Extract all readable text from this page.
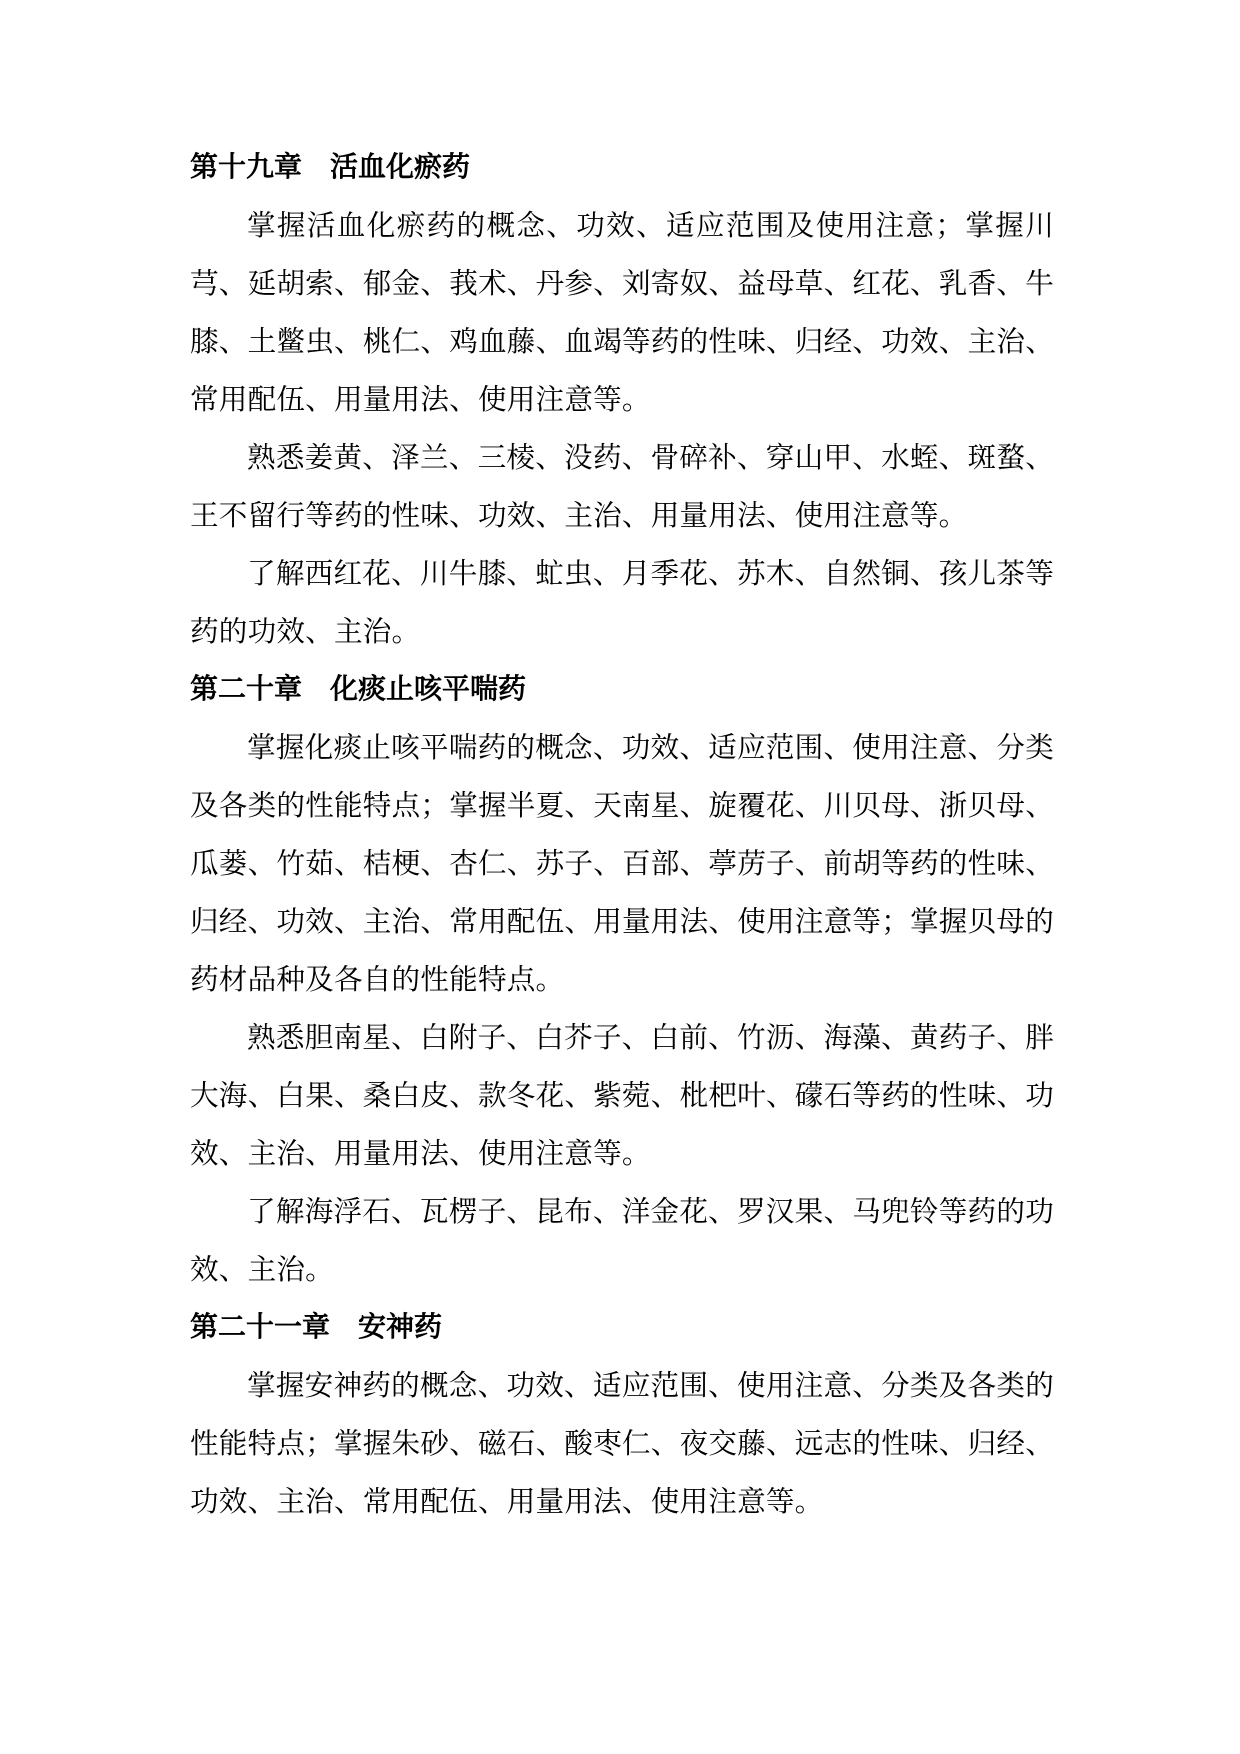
第十九章　活血化瘀药

掌握活血化瘀药的概念、功效、适应范围及使用注意；掌握川芎、延胡索、郁金、莪术、丹参、刘寄奴、益母草、红花、乳香、牛膝、土鳖虫、桃仁、鸡血藤、血竭等药的性味、归经、功效、主治、常用配伍、用量用法、使用注意等。

熟悉姜黄、泽兰、三棱、没药、骨碎补、穿山甲、水蛭、斑蝥、王不留行等药的性味、功效、主治、用量用法、使用注意等。

了解西红花、川牛膝、虻虫、月季花、苏木、自然铜、孩儿茶等药的功效、主治。

第二十章　化痰止咳平喘药

掌握化痰止咳平喘药的概念、功效、适应范围、使用注意、分类及各类的性能特点；掌握半夏、天南星、旋覆花、川贝母、浙贝母、瓜蒌、竹茹、桔梗、杏仁、苏子、百部、葶苈子、前胡等药的性味、归经、功效、主治、常用配伍、用量用法、使用注意等；掌握贝母的药材品种及各自的性能特点。

熟悉胆南星、白附子、白芥子、白前、竹沥、海藻、黄药子、胖大海、白果、桑白皮、款冬花、紫菀、枇杷叶、礞石等药的性味、功效、主治、用量用法、使用注意等。

了解海浮石、瓦楞子、昆布、洋金花、罗汉果、马兜铃等药的功效、主治。

第二十一章　安神药

掌握安神药的概念、功效、适应范围、使用注意、分类及各类的性能特点；掌握朱砂、磁石、酸枣仁、夜交藤、远志的性味、归经、功效、主治、常用配伍、用量用法、使用注意等。
